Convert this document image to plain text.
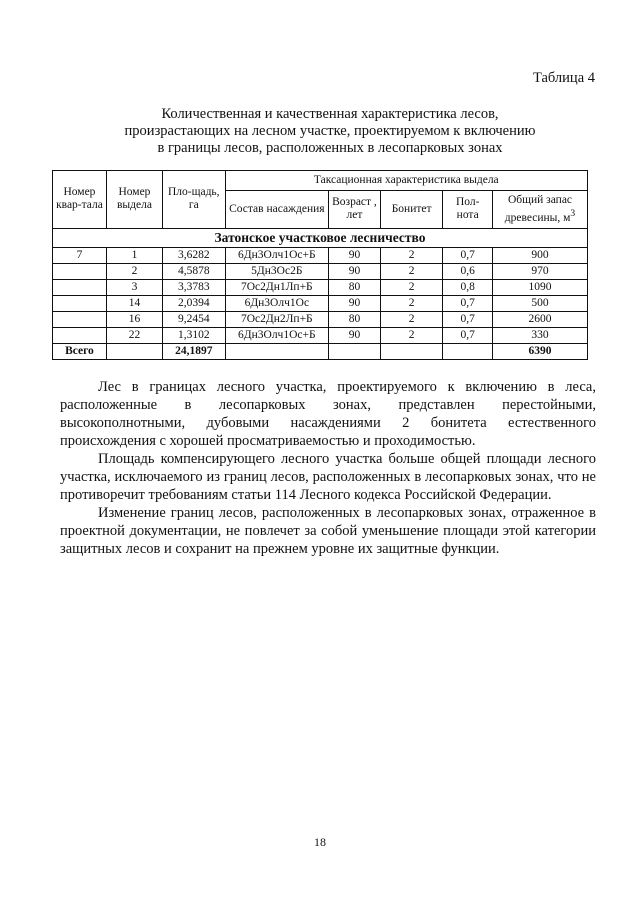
Таблица 4
Количественная и качественная характеристика лесов,
произрастающих на лесном участке, проектируемом к включению
в границы лесов, расположенных в лесопарковых зонах
Номер квар-тала	Номер выдела	Пло-щадь, га	Таксационная характеристика выдела				
			Состав насаждения	Возраст , лет	Бонитет	Пол-нота	Общий запас древесины, $м^3$
Затонское участковое лесничество							
7	1	3,6282	6Дн3Олч1Ос+Б	90	2	0,7	900
	2	4,5878	5Дн3Ос2Б	90	2	0,6	970
	3	3,3783	7Ос2Дн1Лп+Б	80	2	0,8	1090
	14	2,0394	6Дн3Олч1Ос	90	2	0,7	500
	16	9,2454	7Ос2Дн2Лп+Б	80	2	0,7	2600
	22	1,3102	6Дн3Олч1Ос+Б	90	2	0,7	330
Всего		24,1897					6390

Лес в границах лесного участка, проектируемого к включению в леса, расположенные в лесопарковых зонах, представлен перестойными, высокополнотными, дубовыми насаждениями 2 бонитета естественного происхождения с хорошей просматриваемостью и проходимостью.

Площадь компенсирующего лесного участка больше общей площади лесного участка, исключаемого из границ лесов, расположенных в лесопарковых зонах, что не противоречит требованиям статьи 114 Лесного кодекса Российской Федерации.

Изменение границ лесов, расположенных в лесопарковых зонах, отраженное в проектной документации, не повлечет за собой уменьшение площади этой категории защитных лесов и сохранит на прежнем уровне их защитные функции.

18
